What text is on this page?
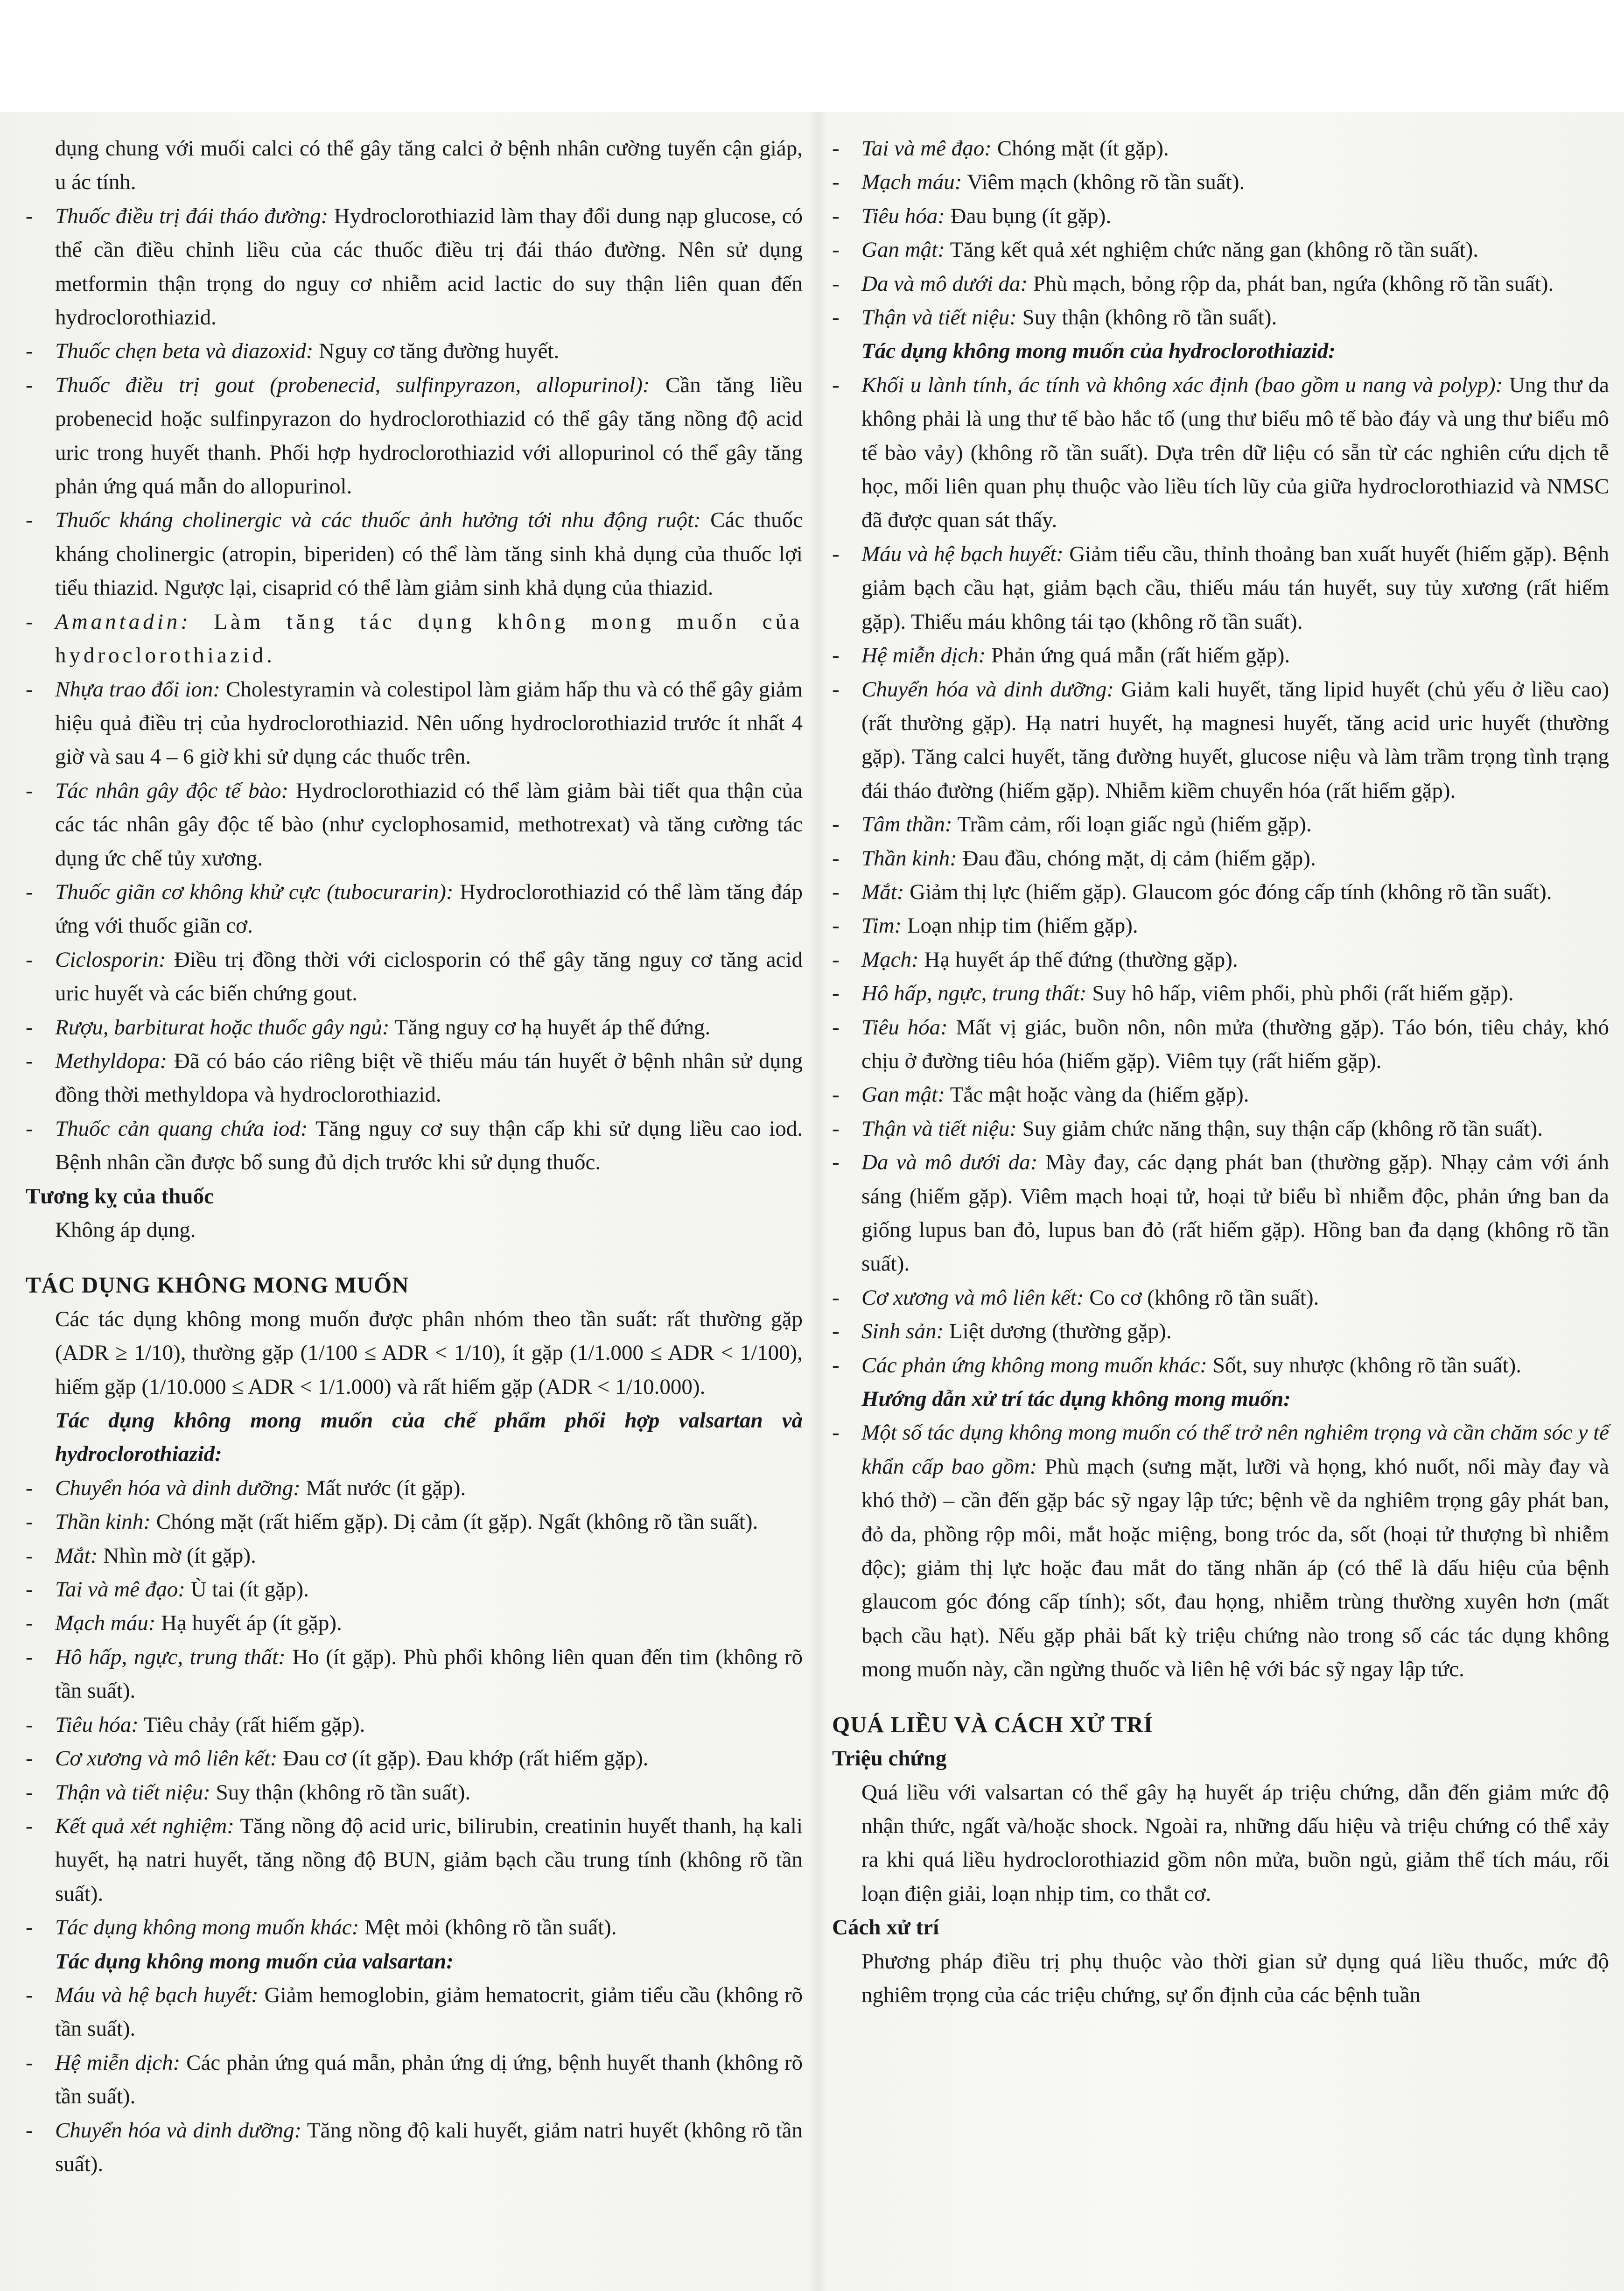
dụng chung với muối calci có thể gây tăng calci ở bệnh nhân cường tuyến cận giáp, u ác tính.
- Thuốc điều trị đái tháo đường: Hydroclorothiazid làm thay đổi dung nạp glucose, có thể cần điều chỉnh liều của các thuốc điều trị đái tháo đường. Nên sử dụng metformin thận trọng do nguy cơ nhiễm acid lactic do suy thận liên quan đến hydroclorothiazid.
- Thuốc chẹn beta và diazoxid: Nguy cơ tăng đường huyết.
- Thuốc điều trị gout (probenecid, sulfinpyrazon, allopurinol): Cần tăng liều probenecid hoặc sulfinpyrazon do hydroclorothiazid có thể gây tăng nồng độ acid uric trong huyết thanh. Phối hợp hydroclorothiazid với allopurinol có thể gây tăng phản ứng quá mẫn do allopurinol.
- Thuốc kháng cholinergic và các thuốc ảnh hưởng tới nhu động ruột: Các thuốc kháng cholinergic (atropin, biperiden) có thể làm tăng sinh khả dụng của thuốc lợi tiểu thiazid. Ngược lại, cisaprid có thể làm giảm sinh khả dụng của thiazid.
- Amantadin: Làm tăng tác dụng không mong muốn của hydroclorothiazid.
- Nhựa trao đổi ion: Cholestyramin và colestipol làm giảm hấp thu và có thể gây giảm hiệu quả điều trị của hydroclorothiazid. Nên uống hydroclorothiazid trước ít nhất 4 giờ và sau 4 – 6 giờ khi sử dụng các thuốc trên.
- Tác nhân gây độc tế bào: Hydroclorothiazid có thể làm giảm bài tiết qua thận của các tác nhân gây độc tế bào (như cyclophosamid, methotrexat) và tăng cường tác dụng ức chế tủy xương.
- Thuốc giãn cơ không khử cực (tubocurarin): Hydroclorothiazid có thể làm tăng đáp ứng với thuốc giãn cơ.
- Ciclosporin: Điều trị đồng thời với ciclosporin có thể gây tăng nguy cơ tăng acid uric huyết và các biến chứng gout.
- Rượu, barbiturat hoặc thuốc gây ngủ: Tăng nguy cơ hạ huyết áp thế đứng.
- Methyldopa: Đã có báo cáo riêng biệt về thiếu máu tán huyết ở bệnh nhân sử dụng đồng thời methyldopa và hydroclorothiazid.
- Thuốc cản quang chứa iod: Tăng nguy cơ suy thận cấp khi sử dụng liều cao iod. Bệnh nhân cần được bổ sung đủ dịch trước khi sử dụng thuốc.
Tương kỵ của thuốc
Không áp dụng.
TÁC DỤNG KHÔNG MONG MUỐN
Các tác dụng không mong muốn được phân nhóm theo tần suất: rất thường gặp (ADR ≥ 1/10), thường gặp (1/100 ≤ ADR < 1/10), ít gặp (1/1.000 ≤ ADR < 1/100), hiếm gặp (1/10.000 ≤ ADR < 1/1.000) và rất hiếm gặp (ADR < 1/10.000).
Tác dụng không mong muốn của chế phẩm phối hợp valsartan và hydroclorothiazid:
- Chuyển hóa và dinh dưỡng: Mất nước (ít gặp).
- Thần kinh: Chóng mặt (rất hiếm gặp). Dị cảm (ít gặp). Ngất (không rõ tần suất).
- Mắt: Nhìn mờ (ít gặp).
- Tai và mê đạo: Ù tai (ít gặp).
- Mạch máu: Hạ huyết áp (ít gặp).
- Hô hấp, ngực, trung thất: Ho (ít gặp). Phù phổi không liên quan đến tim (không rõ tần suất).
- Tiêu hóa: Tiêu chảy (rất hiếm gặp).
- Cơ xương và mô liên kết: Đau cơ (ít gặp). Đau khớp (rất hiếm gặp).
- Thận và tiết niệu: Suy thận (không rõ tần suất).
- Kết quả xét nghiệm: Tăng nồng độ acid uric, bilirubin, creatinin huyết thanh, hạ kali huyết, hạ natri huyết, tăng nồng độ BUN, giảm bạch cầu trung tính (không rõ tần suất).
- Tác dụng không mong muốn khác: Mệt mỏi (không rõ tần suất).
Tác dụng không mong muốn của valsartan:
- Máu và hệ bạch huyết: Giảm hemoglobin, giảm hematocrit, giảm tiểu cầu (không rõ tần suất).
- Hệ miễn dịch: Các phản ứng quá mẫn, phản ứng dị ứng, bệnh huyết thanh (không rõ tần suất).
- Chuyển hóa và dinh dưỡng: Tăng nồng độ kali huyết, giảm natri huyết (không rõ tần suất).
- Tai và mê đạo: Chóng mặt (ít gặp).
- Mạch máu: Viêm mạch (không rõ tần suất).
- Tiêu hóa: Đau bụng (ít gặp).
- Gan mật: Tăng kết quả xét nghiệm chức năng gan (không rõ tần suất).
- Da và mô dưới da: Phù mạch, bỏng rộp da, phát ban, ngứa (không rõ tần suất).
- Thận và tiết niệu: Suy thận (không rõ tần suất).
Tác dụng không mong muốn của hydroclorothiazid:
- Khối u lành tính, ác tính và không xác định (bao gồm u nang và polyp): Ung thư da không phải là ung thư tế bào hắc tố (ung thư biểu mô tế bào đáy và ung thư biểu mô tế bào vảy) (không rõ tần suất). Dựa trên dữ liệu có sẵn từ các nghiên cứu dịch tễ học, mối liên quan phụ thuộc vào liều tích lũy của giữa hydroclorothiazid và NMSC đã được quan sát thấy.
- Máu và hệ bạch huyết: Giảm tiểu cầu, thỉnh thoảng ban xuất huyết (hiếm gặp). Bệnh giảm bạch cầu hạt, giảm bạch cầu, thiếu máu tán huyết, suy tủy xương (rất hiếm gặp). Thiếu máu không tái tạo (không rõ tần suất).
- Hệ miễn dịch: Phản ứng quá mẫn (rất hiếm gặp).
- Chuyển hóa và dinh dưỡng: Giảm kali huyết, tăng lipid huyết (chủ yếu ở liều cao) (rất thường gặp). Hạ natri huyết, hạ magnesi huyết, tăng acid uric huyết (thường gặp). Tăng calci huyết, tăng đường huyết, glucose niệu và làm trầm trọng tình trạng đái tháo đường (hiếm gặp). Nhiễm kiềm chuyển hóa (rất hiếm gặp).
- Tâm thần: Trầm cảm, rối loạn giấc ngủ (hiếm gặp).
- Thần kinh: Đau đầu, chóng mặt, dị cảm (hiếm gặp).
- Mắt: Giảm thị lực (hiếm gặp). Glaucom góc đóng cấp tính (không rõ tần suất).
- Tim: Loạn nhịp tim (hiếm gặp).
- Mạch: Hạ huyết áp thế đứng (thường gặp).
- Hô hấp, ngực, trung thất: Suy hô hấp, viêm phổi, phù phổi (rất hiếm gặp).
- Tiêu hóa: Mất vị giác, buồn nôn, nôn mửa (thường gặp). Táo bón, tiêu chảy, khó chịu ở đường tiêu hóa (hiếm gặp). Viêm tụy (rất hiếm gặp).
- Gan mật: Tắc mật hoặc vàng da (hiếm gặp).
- Thận và tiết niệu: Suy giảm chức năng thận, suy thận cấp (không rõ tần suất).
- Da và mô dưới da: Mày đay, các dạng phát ban (thường gặp). Nhạy cảm với ánh sáng (hiếm gặp). Viêm mạch hoại tử, hoại tử biểu bì nhiễm độc, phản ứng ban da giống lupus ban đỏ, lupus ban đỏ (rất hiếm gặp). Hồng ban đa dạng (không rõ tần suất).
- Cơ xương và mô liên kết: Co cơ (không rõ tần suất).
- Sinh sản: Liệt dương (thường gặp).
- Các phản ứng không mong muốn khác: Sốt, suy nhược (không rõ tần suất).
Hướng dẫn xử trí tác dụng không mong muốn:
- Một số tác dụng không mong muốn có thể trở nên nghiêm trọng và cần chăm sóc y tế khẩn cấp bao gồm: Phù mạch (sưng mặt, lưỡi và họng, khó nuốt, nổi mày đay và khó thở) – cần đến gặp bác sỹ ngay lập tức; bệnh về da nghiêm trọng gây phát ban, đỏ da, phồng rộp môi, mắt hoặc miệng, bong tróc da, sốt (hoại tử thượng bì nhiễm độc); giảm thị lực hoặc đau mắt do tăng nhãn áp (có thể là dấu hiệu của bệnh glaucom góc đóng cấp tính); sốt, đau họng, nhiễm trùng thường xuyên hơn (mất bạch cầu hạt). Nếu gặp phải bất kỳ triệu chứng nào trong số các tác dụng không mong muốn này, cần ngừng thuốc và liên hệ với bác sỹ ngay lập tức.
QUÁ LIỀU VÀ CÁCH XỬ TRÍ
Triệu chứng
Quá liều với valsartan có thể gây hạ huyết áp triệu chứng, dẫn đến giảm mức độ nhận thức, ngất và/hoặc shock. Ngoài ra, những dấu hiệu và triệu chứng có thể xảy ra khi quá liều hydroclorothiazid gồm nôn mửa, buồn ngủ, giảm thể tích máu, rối loạn điện giải, loạn nhịp tim, co thắt cơ.
Cách xử trí
Phương pháp điều trị phụ thuộc vào thời gian sử dụng quá liều thuốc, mức độ nghiêm trọng của các triệu chứng, sự ổn định của các bệnh tuần
